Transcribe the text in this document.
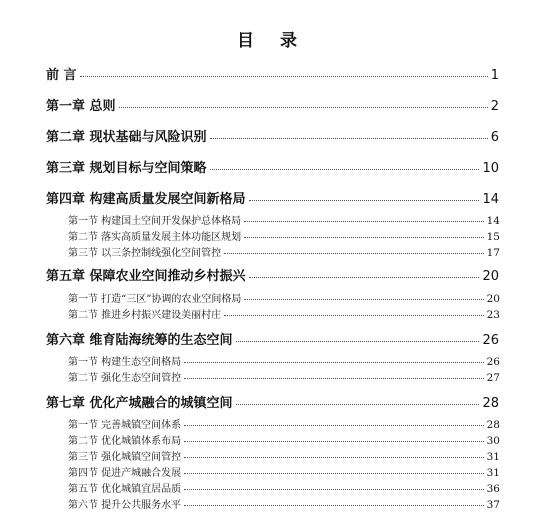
目 录
前 言	1
第一章 总则	2
第二章 现状基础与风险识别	6
第三章 规划目标与空间策略	10
第四章 构建高质量发展空间新格局	14
第一节 构建国土空间开发保护总体格局	14
第二节 落实高质量发展主体功能区规划	15
第三节 以三条控制线强化空间管控	17
第五章 保障农业空间推动乡村振兴	20
第一节 打造“三区”协调的农业空间格局	20
第二节 推进乡村振兴建设美丽村庄	23
第六章 维育陆海统筹的生态空间	26
第一节 构建生态空间格局	26
第二节 强化生态空间管控	27
第七章 优化产城融合的城镇空间	28
第一节 完善城镇空间体系	28
第二节 优化城镇体系布局	30
第三节 强化城镇空间管控	31
第四节 促进产城融合发展	31
第五节 优化城镇宜居品质	36
第六节 提升公共服务水平	37
